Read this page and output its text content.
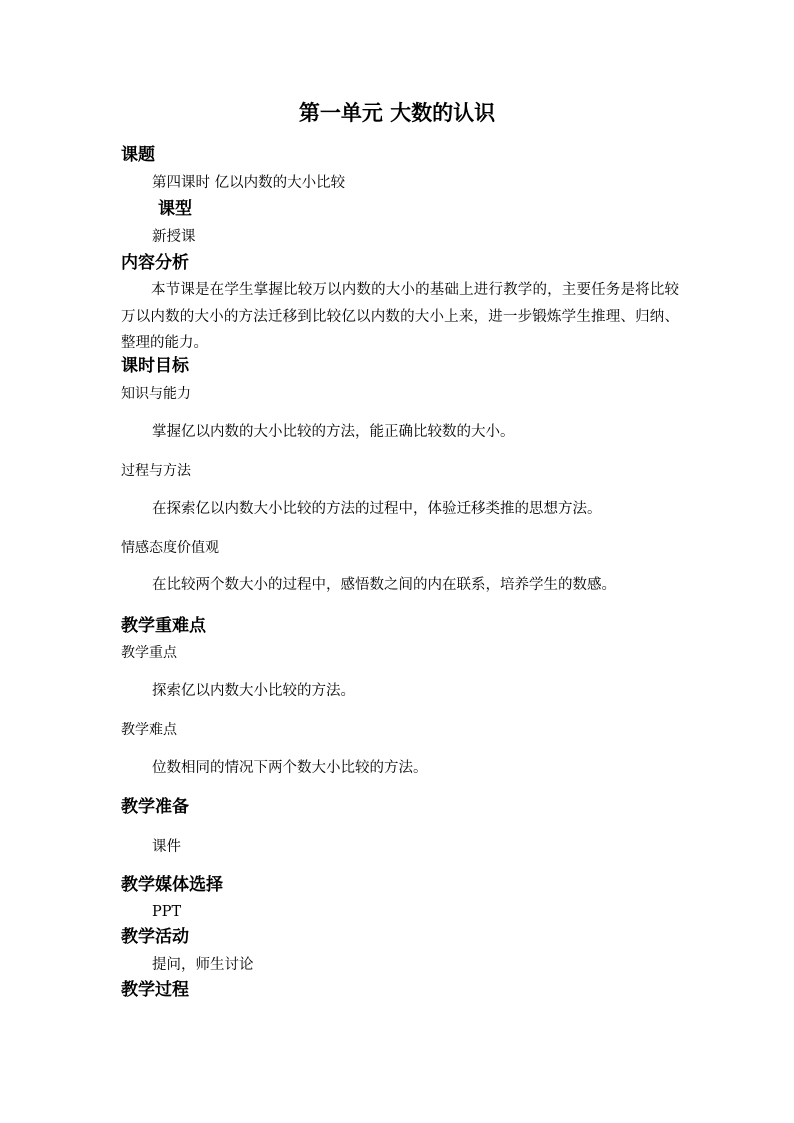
第一单元 大数的认识
课题
第四课时 亿以内数的大小比较
课型
新授课
内容分析
本节课是在学生掌握比较万以内数的大小的基础上进行教学的，主要任务是将比较万以内数的大小的方法迁移到比较亿以内数的大小上来，进一步锻炼学生推理、归纳、整理的能力。
课时目标
知识与能力
掌握亿以内数的大小比较的方法，能正确比较数的大小。
过程与方法
在探索亿以内数大小比较的方法的过程中，体验迁移类推的思想方法。
情感态度价值观
在比较两个数大小的过程中，感悟数之间的内在联系，培养学生的数感。
教学重难点
教学重点
探索亿以内数大小比较的方法。
教学难点
位数相同的情况下两个数大小比较的方法。
教学准备
课件
教学媒体选择
PPT
教学活动
提问，师生讨论
教学过程
